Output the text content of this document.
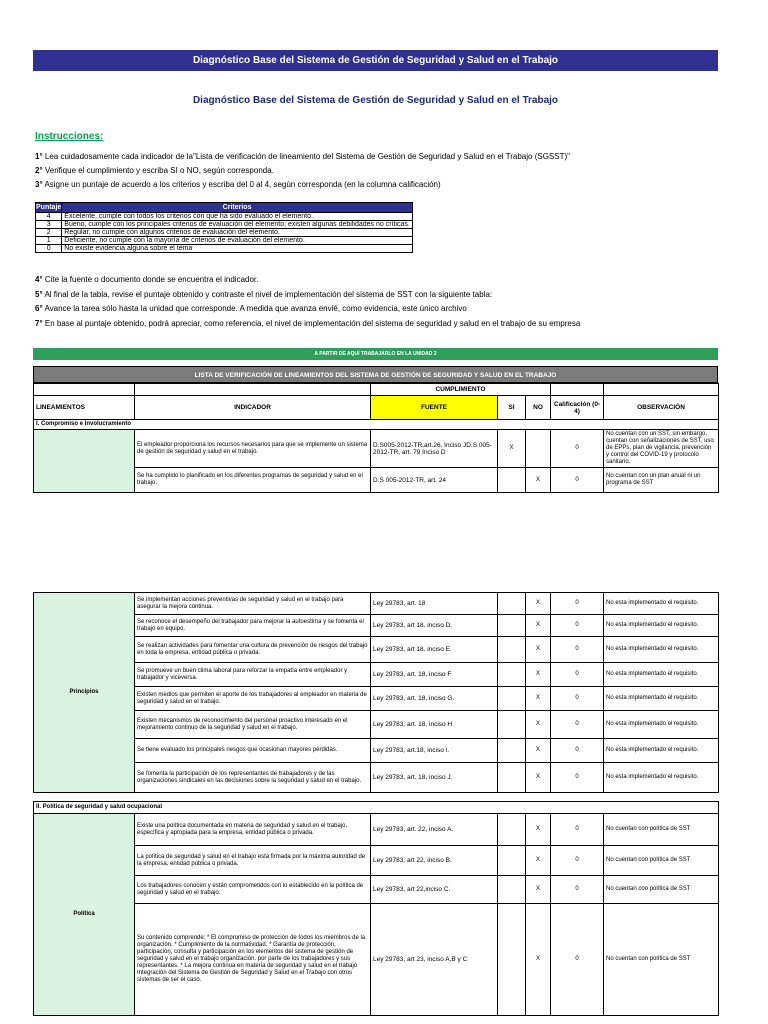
Diagnóstico Base del Sistema de Gestión de Seguridad y Salud en el Trabajo
Diagnóstico Base del Sistema de Gestión de Seguridad y Salud en el Trabajo
Instrucciones:
1° Lea cuidadosamente cada indicador de la"Lista de verificación de lineamiento del Sistema de Gestión de Seguridad y Salud en el Trabajo (SGSST)"
2° Verifique el cumplimiento y escriba SI o NO, según corresponda.
3° Asigne un puntaje de acuerdo a los criterios y escriba del 0 al 4, según corresponda (en la columna calificación)
Puntaje	Criterios
4	Excelente, cumple con todos los criterios con que ha sido evaluado el elemento.
3	Bueno, cumple con los principales criterios de evaluación del elemento; existen algunas debilidades no críticas.
2	Regular, no cumple con algunos criterios de evaluación del elemento.
1	Deficiente, no cumple con la mayoría de criterios de evaluación del elemento.
0	No existe evidencia alguna sobre el tema
4° Cite la fuente o documento donde se encuentra el indicador.
5° Al final de la tabla, revise el puntaje obtenido y contraste el nivel de implementación del sistema de SST con la siguiente tabla:
6° Avance la tarea sólo hasta la unidad que corresponde. A medida que avanza envié, como evidencia, este único archivo
7° En base al puntaje obtenido, podrá apreciar, como referencia, el nivel de implementación del sistema de seguridad y salud en el trabajo de su empresa
A PARTIR DE AQUÍ TRABAJARLO EN LA UNIDAD 2
LISTA DE VERIFICACIÓN DE LINEAMIENTOS DEL SISTEMA DE GESTIÓN DE SEGURIDAD Y SALUD EN EL TRABAJO
		CUMPLIMIENTO				
LINEAMIENTOS	INDICADOR	FUENTE	SI	NO	Calificación (0-4)	OBSERVACIÓN
I. Compromiso e Involucramiento						
	El empleador proporciona los recursos necesarios para que se implemente un sistema de gestión de seguridad y salud en el trabajo.	D.S005-2012-TR,art.26. Inciso JD.S 005-2012-TR, art. 79 Inciso D	X		0	No cuentan con un SST, sin embargo, cuentan con señalizaciones de SST, uso de EPPs, plan de vigilancia, prevención y control del COVID-19 y protocolo sanitario.
	Se ha cumplido lo planificado en los diferentes programas de seguridad y salud en el trabajo.	D.S 005-2012-TR, art. 24		X	0	No cuentan con un plan anual ni un programa de SST
Principios	Se implementan acciones preventivas de seguridad y salud en el trabajo para asegurar la mejora continua.	Ley 29783, art. 18		X	0	No esta implementado el requisito.
	Se reconoce el desempeño del trabajador para mejorar la autoestima y se fomenta el trabajo en equipo.	Ley 29783, art 18. inciso D.		X	0	No esta implementado el requisito.
	Se realizan actividades para fomentar una cultura de prevención de riesgos del trabajo en toda la empresa, entidad pública o privada.	Ley 29783, art 18. inciso E.		X	0	No esta implementado el requisito.
	Se promueve un buen clima laboral para reforzar la empatía entre empleador y trabajador y viceversa.	Ley 29783, art. 18, inciso F		X	0	No esta implementado el requisito.
	Existen medios que permiten el aporte de los trabajadores al empleador en materia de seguridad y salud en el trabajo.	Ley 29783, art. 18, inciso G.		X	0	No esta implementado el requisito.
	Existen mecanismos de reconocimiento del personal proactivo interesado en el mejoramiento continuo de la seguridad y salud en el trabajo.	Ley 29783, art. 18, inciso H		X	0	No esta implementado el requisito.
	Se tiene evaluado los principales riesgos que ocasionan mayores pérdidas.	Ley 29783, art.18, inciso I.		X	0	No esta implementado el requisito.
	Se fomenta la participación de los representantes de trabajadores y de las organizaciones sindicales en las decisiones sobre la seguridad y salud en el trabajo.	Ley 29783, art. 18, inciso J.		X	0	No esta implementado el requisito.
II. Política de seguridad y salud ocupacional						
Política	Existe una política documentada en materia de seguridad y salud en el trabajo, específica y apropiada para la empresa, entidad pública o privada.	Ley 29783, art. 22, inciso A.		X	0	No cuentan con política de SST
	La política de seguridad y salud en el trabajo está firmada por la máxima autoridad de la empresa, entidad pública o privada.	Ley 29783, art 22, inciso B.		X	0	No cuentan con política de SST
	Los trabajadores conocen y están comprometidos con lo establecido en la política de seguridad y salud en el trabajo.	Ley 29783, art 22,inciso C.		X	0	No cuentan con política de SST
	Su contenido comprende: * El compromiso de protección de todos los miembros de la organización. * Cumplimiento de la normatividad. * Garantía de protección, participación, consulta y participación en los elementos del sistema de gestión de seguridad y salud en el trabajo organización. por parte de los trabajadores y sus representantes. * La mejora continua en materia de seguridad y salud en el trabajo Integración del Sistema de Gestión de Seguridad y Salud en el Trabajo con otros sistemas de ser el caso.	Ley 29783, art 23, inciso A,B y C		X	0	No cuentan con política de SST
